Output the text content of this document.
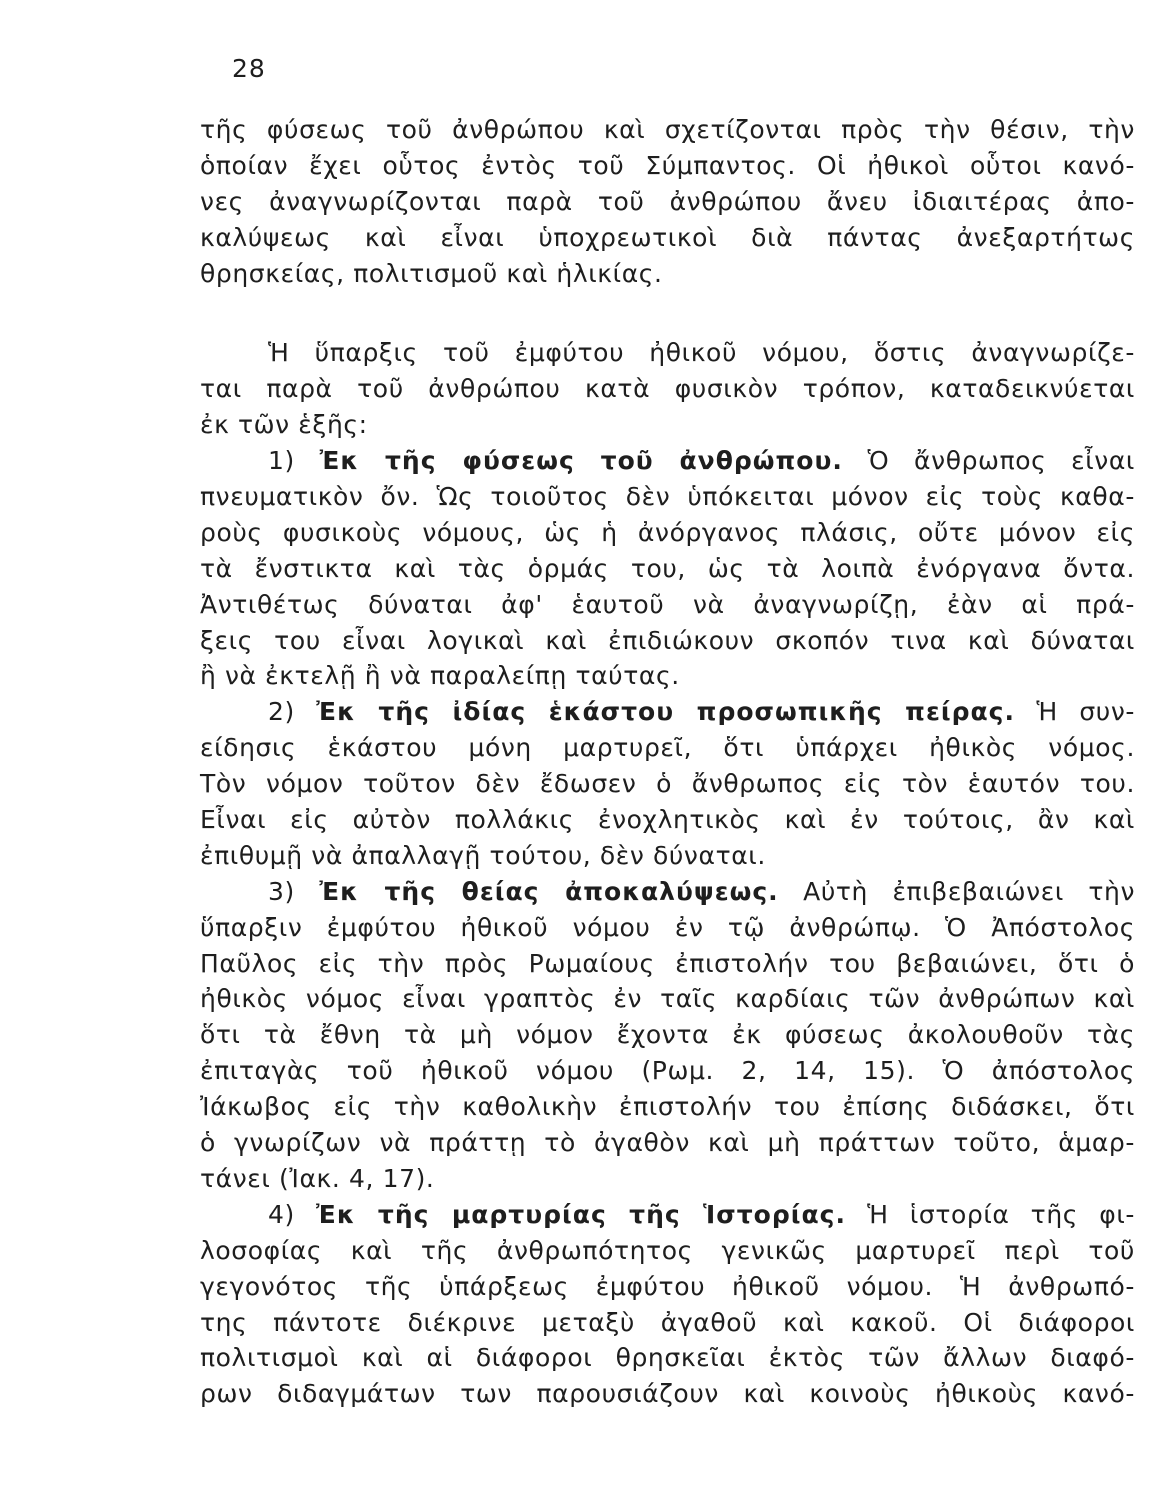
28
τῆς φύσεως τοῦ ἀνθρώπου καὶ σχετίζονται πρὸς τὴν θέσιν, τὴν
ὁποίαν ἔχει οὗτος ἐντὸς τοῦ Σύμπαντος. Οἱ ἠθικοὶ οὗτοι κανό-
νες ἀναγνωρίζονται παρὰ τοῦ ἀνθρώπου ἄνευ ἰδιαιτέρας ἀπο-
καλύψεως καὶ εἶναι ὑποχρεωτικοὶ διὰ πάντας ἀνεξαρτήτως
θρησκείας, πολιτισμοῦ καὶ ἡλικίας.
Ἡ ὕπαρξις τοῦ ἐμφύτου ἠθικοῦ νόμου, ὅστις ἀναγνωρίζε-
ται παρὰ τοῦ ἀνθρώπου κατὰ φυσικὸν τρόπον, καταδεικνύεται
ἐκ τῶν ἑξῆς:
1) Ἐκ τῆς φύσεως τοῦ ἀνθρώπου. Ὁ ἄνθρωπος εἶναι
πνευματικὸν ὄν. Ὡς τοιοῦτος δὲν ὑπόκειται μόνον εἰς τοὺς καθα-
ροὺς φυσικοὺς νόμους, ὡς ἡ ἀνόργανος πλάσις, οὔτε μόνον εἰς
τὰ ἔνστικτα καὶ τὰς ὁρμάς του, ὡς τὰ λοιπὰ ἐνόργανα ὄντα.
Ἀντιθέτως δύναται ἀφ' ἑαυτοῦ νὰ ἀναγνωρίζῃ, ἐὰν αἱ πρά-
ξεις του εἶναι λογικαὶ καὶ ἐπιδιώκουν σκοπόν τινα καὶ δύναται
ἢ νὰ ἐκτελῇ ἢ νὰ παραλείπῃ ταύτας.
2) Ἐκ τῆς ἰδίας ἑκάστου προσωπικῆς πείρας. Ἡ συν-
είδησις ἑκάστου μόνη μαρτυρεῖ, ὅτι ὑπάρχει ἠθικὸς νόμος.
Τὸν νόμον τοῦτον δὲν ἔδωσεν ὁ ἄνθρωπος εἰς τὸν ἑαυτόν του.
Εἶναι εἰς αὐτὸν πολλάκις ἐνοχλητικὸς καὶ ἐν τούτοις, ἂν καὶ
ἐπιθυμῇ νὰ ἀπαλλαγῇ τούτου, δὲν δύναται.
3) Ἐκ τῆς θείας ἀποκαλύψεως. Αὐτὴ ἐπιβεβαιώνει τὴν
ὕπαρξιν ἐμφύτου ἠθικοῦ νόμου ἐν τῷ ἀνθρώπῳ. Ὁ Ἀπόστολος
Παῦλος εἰς τὴν πρὸς Ρωμαίους ἐπιστολήν του βεβαιώνει, ὅτι ὁ
ἠθικὸς νόμος εἶναι γραπτὸς ἐν ταῖς καρδίαις τῶν ἀνθρώπων καὶ
ὅτι τὰ ἔθνη τὰ μὴ νόμον ἔχοντα ἐκ φύσεως ἀκολουθοῦν τὰς
ἐπιταγὰς τοῦ ἠθικοῦ νόμου (Ρωμ. 2, 14, 15). Ὁ ἀπόστολος
Ἰάκωβος εἰς τὴν καθολικὴν ἐπιστολήν του ἐπίσης διδάσκει, ὅτι
ὁ γνωρίζων νὰ πράττῃ τὸ ἀγαθὸν καὶ μὴ πράττων τοῦτο, ἁμαρ-
τάνει (Ἰακ. 4, 17).
4) Ἐκ τῆς μαρτυρίας τῆς Ἱστορίας. Ἡ ἱστορία τῆς φι-
λοσοφίας καὶ τῆς ἀνθρωπότητος γενικῶς μαρτυρεῖ περὶ τοῦ
γεγονότος τῆς ὑπάρξεως ἐμφύτου ἠθικοῦ νόμου. Ἡ ἀνθρωπό-
της πάντοτε διέκρινε μεταξὺ ἀγαθοῦ καὶ κακοῦ. Οἱ διάφοροι
πολιτισμοὶ καὶ αἱ διάφοροι θρησκεῖαι ἐκτὸς τῶν ἄλλων διαφό-
ρων διδαγμάτων των παρουσιάζουν καὶ κοινοὺς ἠθικοὺς κανό-
